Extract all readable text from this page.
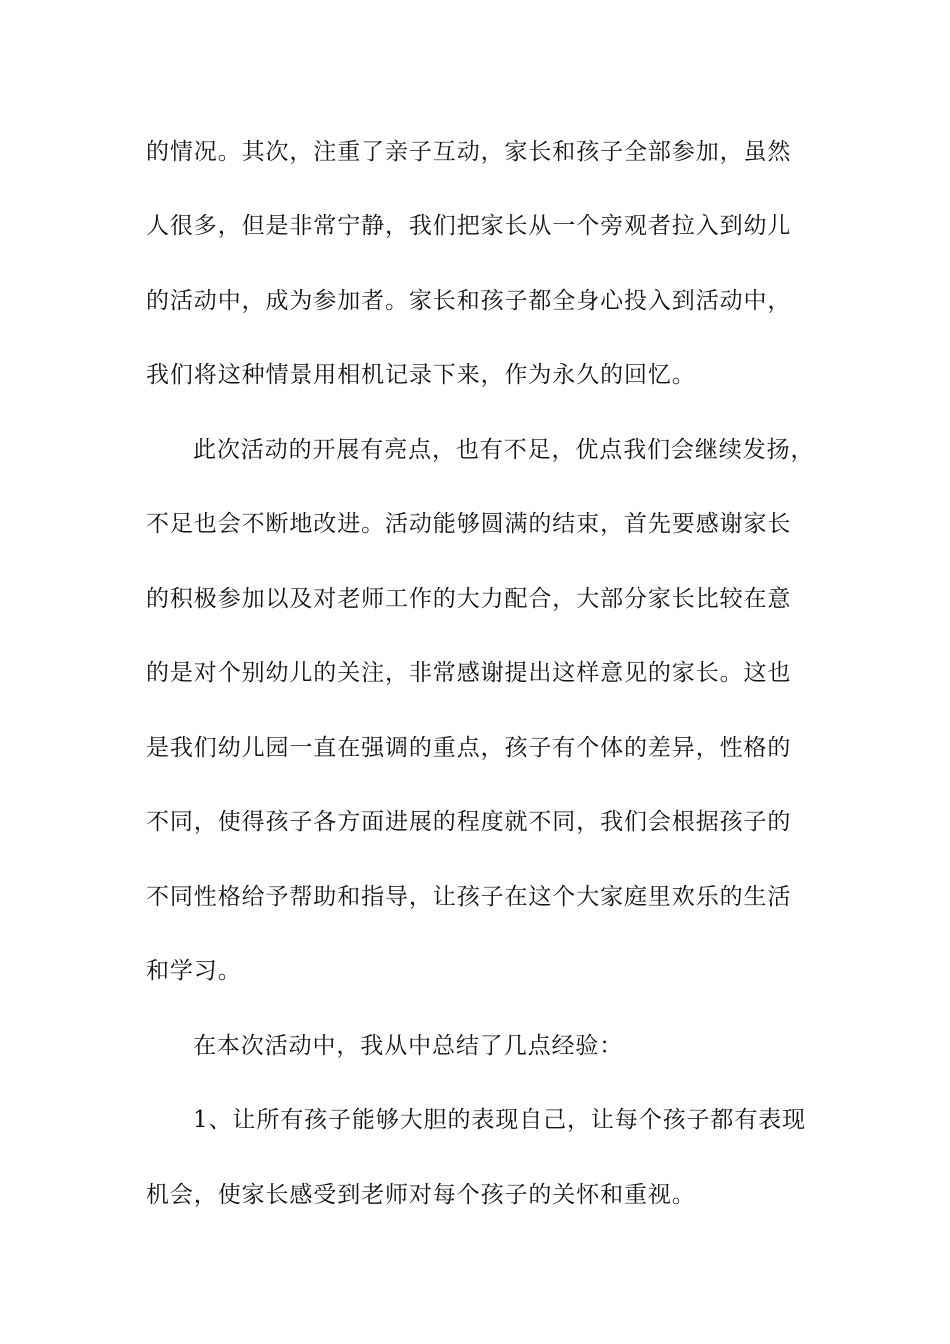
的情况。其次，注重了亲子互动，家长和孩子全部参加，虽然
人很多，但是非常宁静，我们把家长从一个旁观者拉入到幼儿
的活动中，成为参加者。家长和孩子都全身心投入到活动中，
我们将这种情景用相机记录下来，作为永久的回忆。
此次活动的开展有亮点，也有不足，优点我们会继续发扬，
不足也会不断地改进。活动能够圆满的结束，首先要感谢家长
的积极参加以及对老师工作的大力配合，大部分家长比较在意
的是对个别幼儿的关注，非常感谢提出这样意见的家长。这也
是我们幼儿园一直在强调的重点，孩子有个体的差异，性格的
不同，使得孩子各方面进展的程度就不同，我们会根据孩子的
不同性格给予帮助和指导，让孩子在这个大家庭里欢乐的生活
和学习。
在本次活动中，我从中总结了几点经验：
1、让所有孩子能够大胆的表现自己，让每个孩子都有表现
机会，使家长感受到老师对每个孩子的关怀和重视。
